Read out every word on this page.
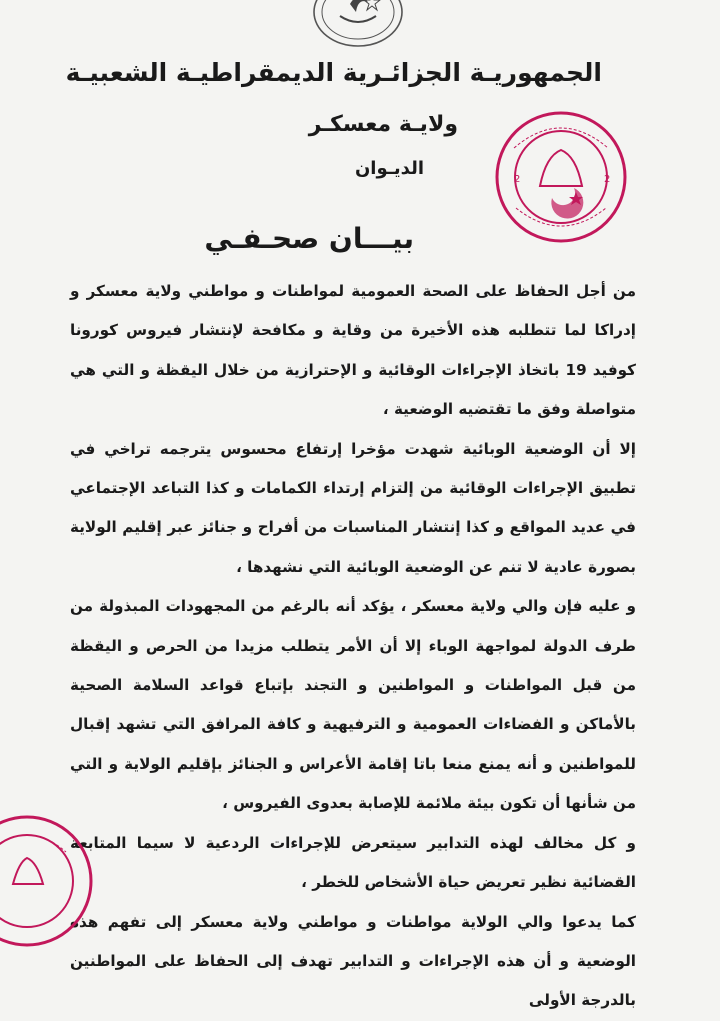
الجمهوريـة الجزائـرية الديمقراطيـة الشعبيـة
ولايـة معسكـر
الديـوان
2	2
بيـــان صحـفـي

من أجل الحفاظ على الصحة العمومية لمواطنات و مواطني ولاية معسكر و إدراكا لما تتطلبه هذه الأخيرة من وقاية و مكافحة لإنتشار فيروس كورونا كوفيد 19 باتخاذ الإجراءات الوقائية و الإحترازية من خلال اليقظة و التي هي متواصلة وفق ما تقتضيه الوضعية ،

إلا أن الوضعية الوبائية شهدت مؤخرا إرتفاع محسوس يترجمه تراخي في تطبيق الإجراءات الوقائية من إلتزام إرتداء الكمامات و كذا التباعد الإجتماعي في عديد المواقع و كذا إنتشار المناسبات من أفراح و جنائز عبر إقليم الولاية بصورة عادية لا تنم عن الوضعية الوبائية التي نشهدها ،

و عليه فإن والي ولاية معسكر ، يؤكد أنه بالرغم من المجهودات المبذولة من طرف الدولة لمواجهة الوباء إلا أن الأمر يتطلب مزيدا من الحرص و اليقظة من قبل المواطنات و المواطنين و التجند بإتباع قواعد السلامة الصحية بالأماكن و الفضاءات العمومية و الترفيهية و كافة المرافق التي تشهد إقبال للمواطنين و أنه يمنع منعا باتا إقامة الأعراس و الجنائز بإقليم الولاية و التي من شأنها أن تكون بيئة ملائمة للإصابة بعدوى الفيروس ،

و كل مخالف لهذه التدابير سيتعرض للإجراءات الردعية لا سيما المتابعة القضائية نظير تعريض حياة الأشخاص للخطر ،

كما يدعوا والي الولاية مواطنات و مواطني ولاية معسكر إلى تفهم هذه الوضعية و أن هذه الإجراءات و التدابير تهدف إلى الحفاظ على المواطنين بالدرجة الأولى
